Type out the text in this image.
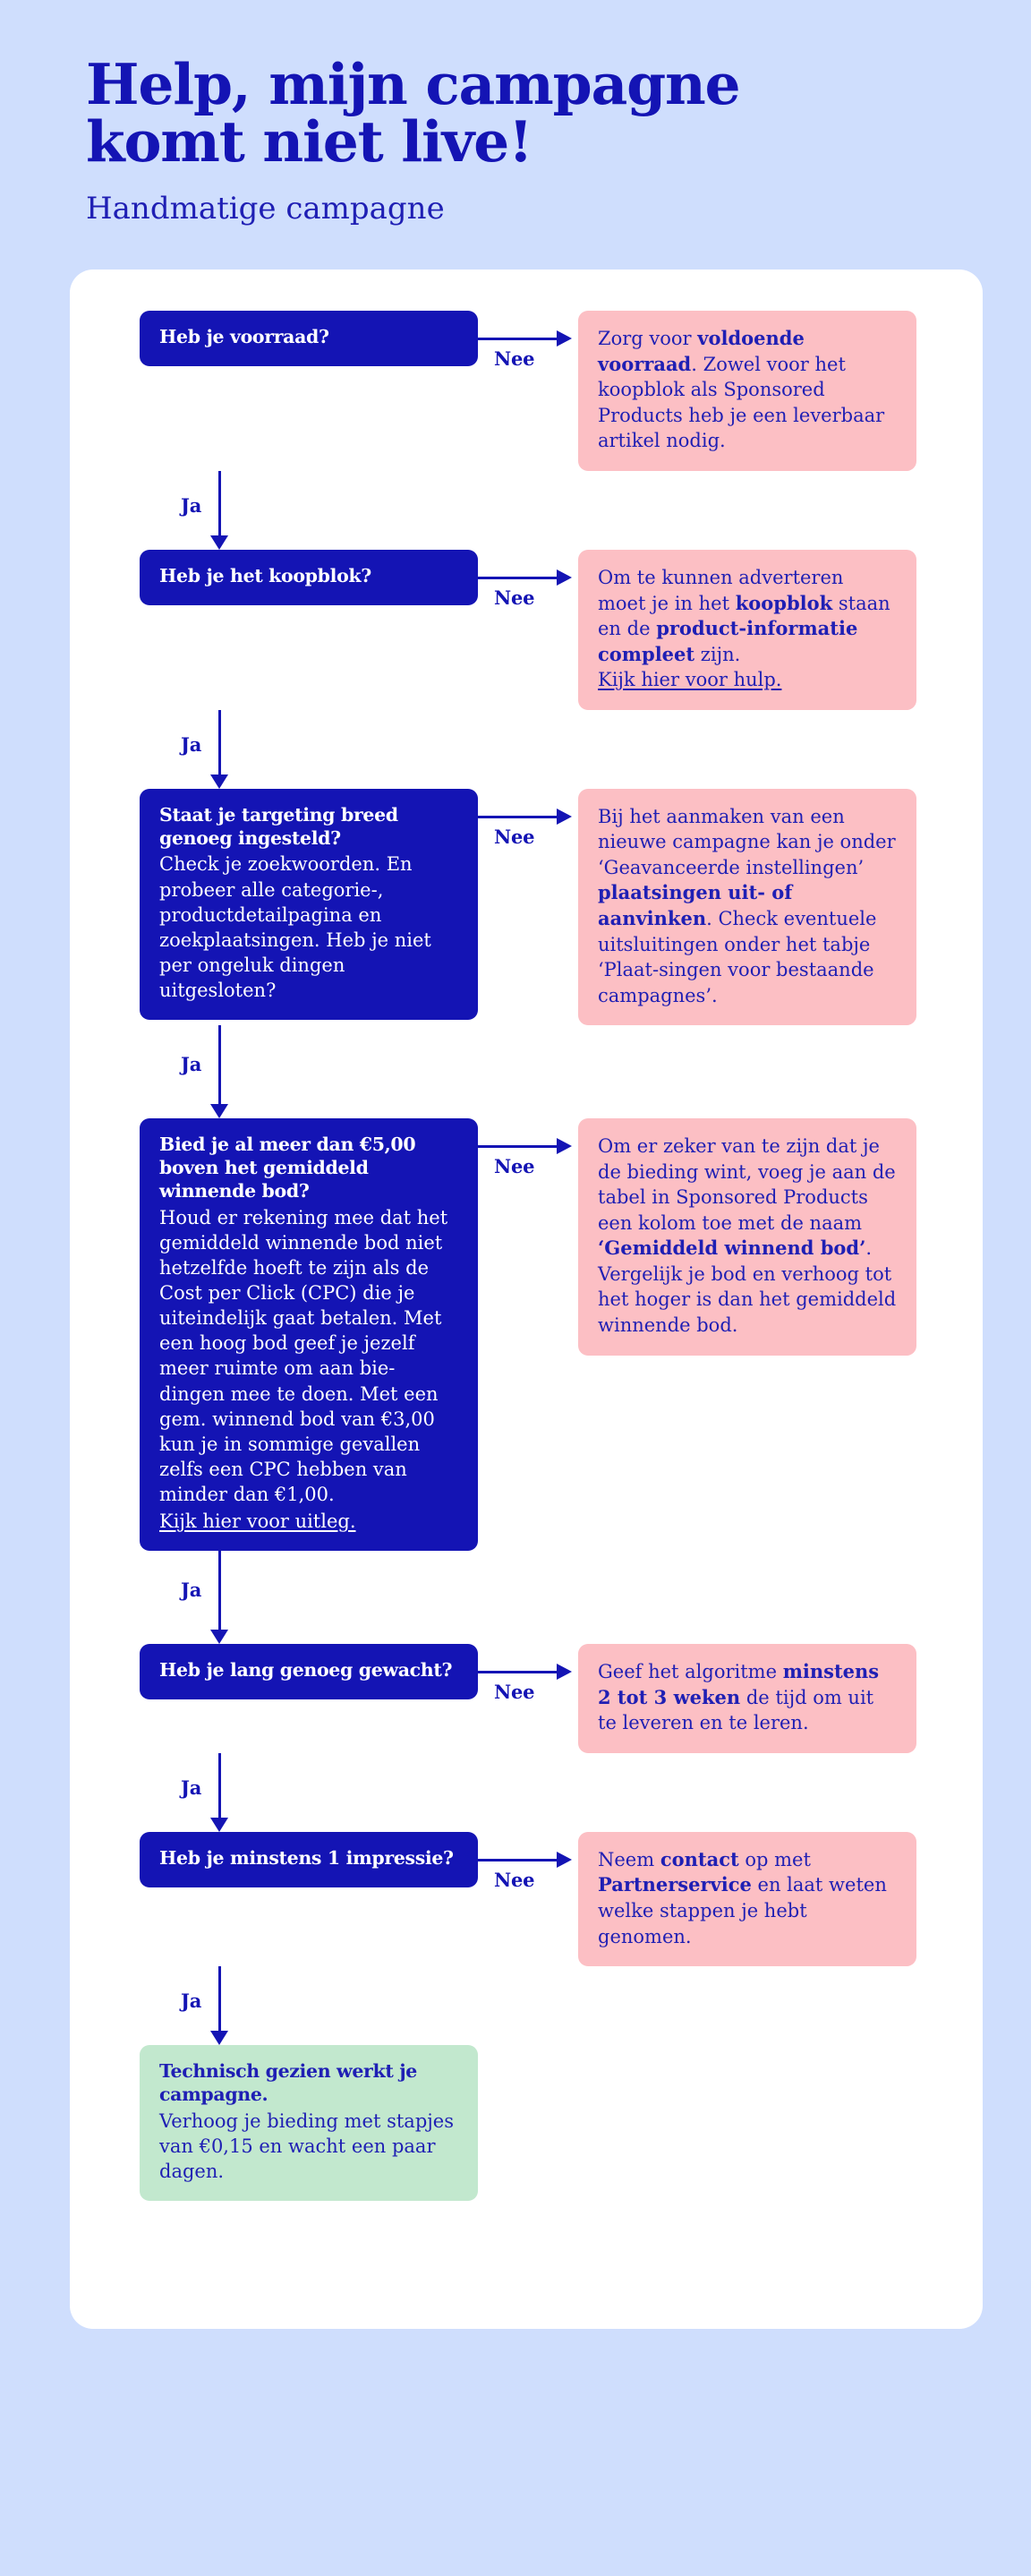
Help, mijn campagne
komt niet live!
Handmatige campagne
Heb je voorraad?
Nee
Zorg voor voldoende voorraad. Zowel voor het koopblok als Sponsored Products heb je een leverbaar artikel nodig.
Ja
Heb je het koopblok?
Nee
Om te kunnen adverteren moet je in het koopblok staan en de product-informatie compleet zijn.
Kijk hier voor hulp.
Ja
Staat je targeting breed genoeg ingesteld?
Check je zoekwoorden. En probeer alle categorie-, productdetailpagina en zoekplaatsingen. Heb je niet per ongeluk dingen uitgesloten?
Nee
Bij het aanmaken van een nieuwe campagne kan je onder ‘Geavanceerde instellingen’ plaatsingen uit- of aanvinken. Check eventuele uitsluitingen onder het tabje ‘Plaat-singen voor bestaande campagnes’.
Ja
Bied je al meer dan €5,00 boven het gemiddeld winnende bod?
Houd er rekening mee dat het gemiddeld winnende bod niet hetzelfde hoeft te zijn als de Cost per Click (CPC) die je uiteindelijk gaat betalen. Met een hoog bod geef je jezelf meer ruimte om aan bie-dingen mee te doen. Met een gem. winnend bod van €3,00 kun je in sommige gevallen zelfs een CPC hebben van minder dan €1,00.
Kijk hier voor uitleg.
Nee
Om er zeker van te zijn dat je de bieding wint, voeg je aan de tabel in Sponsored Products een kolom toe met de naam ‘Gemiddeld winnend bod’. Vergelijk je bod en verhoog tot het hoger is dan het gemiddeld winnende bod.
Ja
Heb je lang genoeg gewacht?
Nee
Geef het algoritme minstens 2 tot 3 weken de tijd om uit te leveren en te leren.
Ja
Heb je minstens 1 impressie?
Nee
Neem contact op met Partnerservice en laat weten welke stappen je hebt genomen.
Ja
Technisch gezien werkt je campagne.
Verhoog je bieding met stapjes van €0,15 en wacht een paar dagen.
